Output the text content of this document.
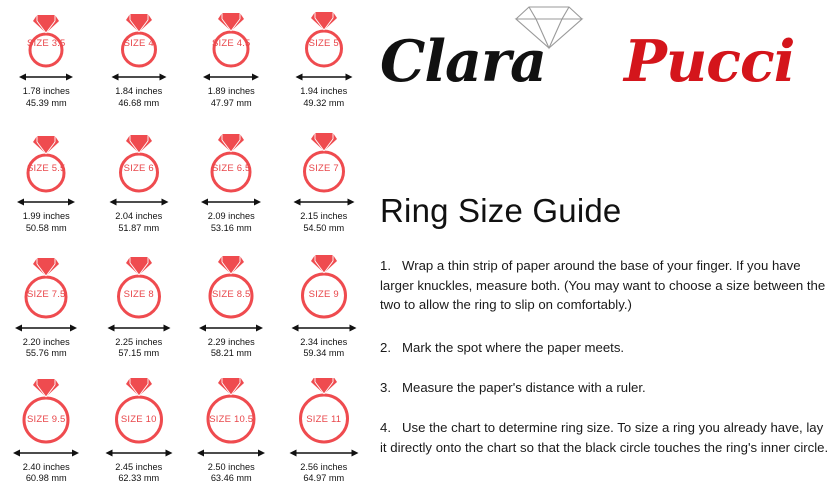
SIZE 3.5
1.78 inches
45.39 mm
SIZE 4
1.84 inches
46.68 mm
SIZE 4.5
1.89 inches
47.97 mm
SIZE 5
1.94 inches
49.32 mm
SIZE 5.5
1.99 inches
50.58 mm
SIZE 6
2.04 inches
51.87 mm
SIZE 6.5
2.09 inches
53.16 mm
SIZE 7
2.15 inches
54.50 mm
SIZE 7.5
2.20 inches
55.76 mm
SIZE 8
2.25 inches
57.15 mm
SIZE 8.5
2.29 inches
58.21 mm
SIZE 9
2.34 inches
59.34 mm
SIZE 9.5
2.40 inches
60.98 mm
SIZE 10
2.45 inches
62.33 mm
SIZE 10.5
2.50 inches
63.46 mm
SIZE 11
2.56 inches
64.97 mm
Clara Pucci
Ring Size Guide
1.   Wrap a thin strip of paper around the base of your finger. If you have larger knuckles, measure both. (You may want to choose a size between the two to allow the ring to slip on comfortably.)
2.   Mark the spot where the paper meets.
3.   Measure the paper's distance with a ruler.
4.   Use the chart to determine ring size. To size a ring you already have, lay it directly onto the chart so that the black circle touches the ring's inner circle.
